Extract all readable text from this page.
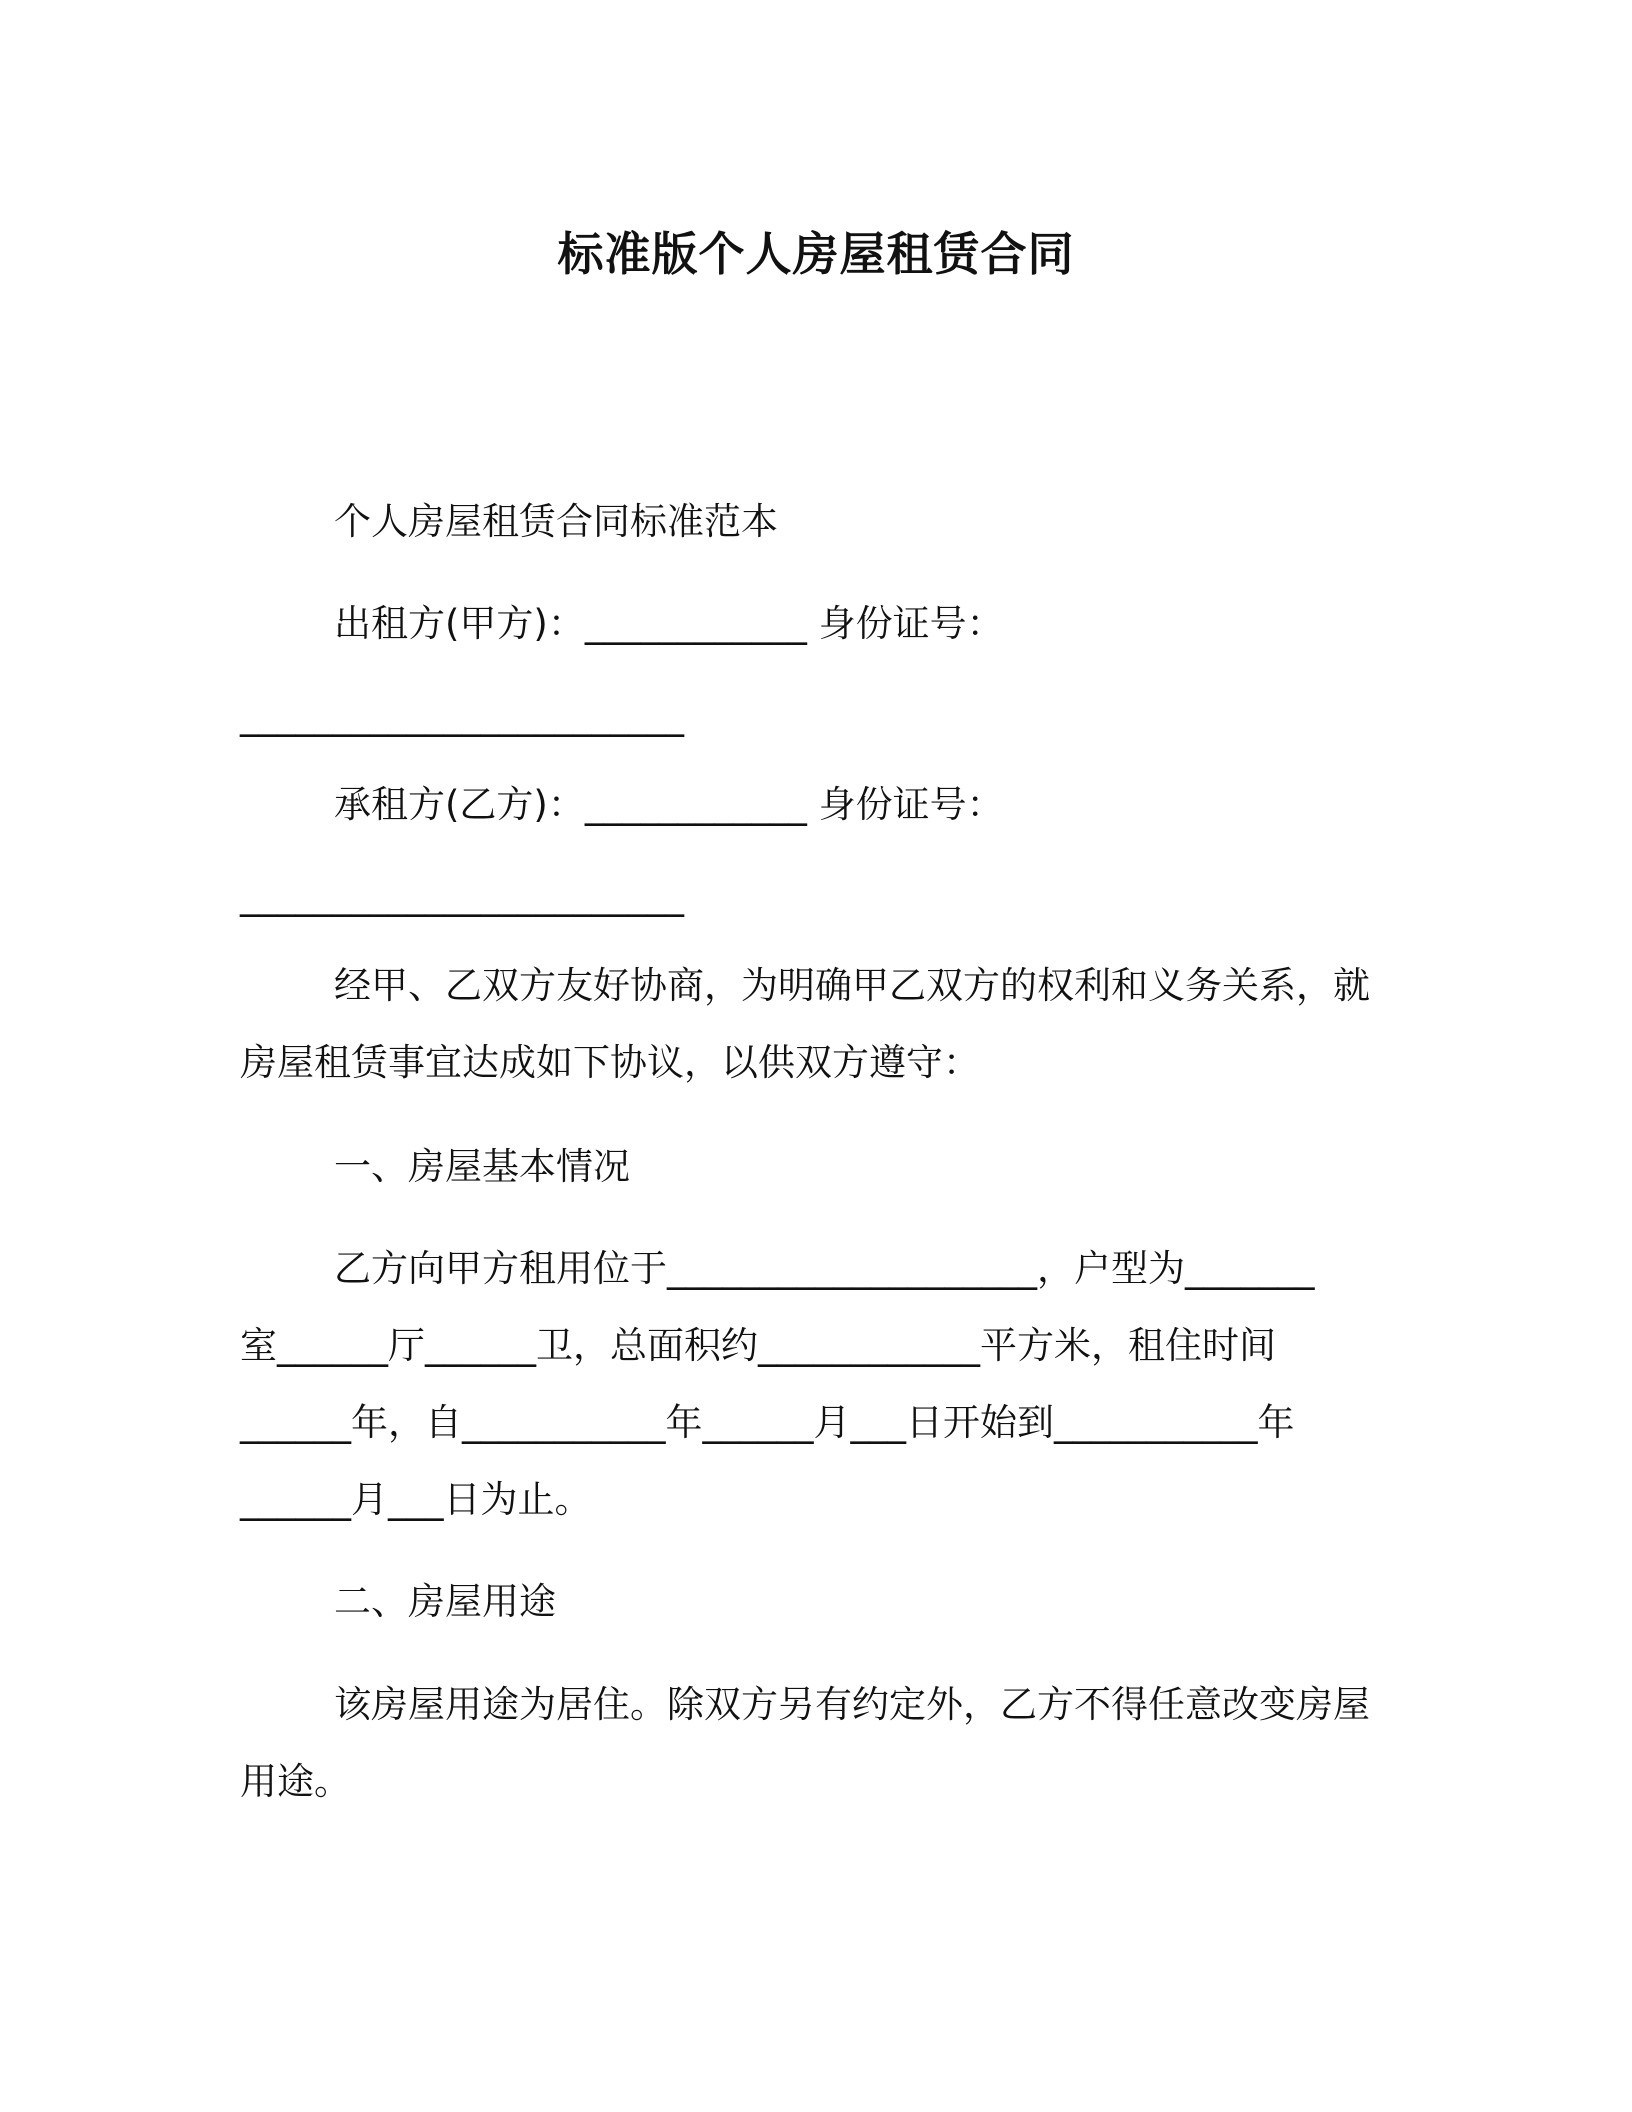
标准版个人房屋租赁合同
个人房屋租赁合同标准范本
出租方(甲方)：____________ 身份证号：
________________________
承租方(乙方)：____________ 身份证号：
________________________
经甲、乙双方友好协商，为明确甲乙双方的权利和义务关系，就
房屋租赁事宜达成如下协议，以供双方遵守：
一、房屋基本情况
乙方向甲方租用位于____________________，户型为_______
室______厅______卫，总面积约____________平方米，租住时间
______年，自___________年______月___日开始到___________年
______月___日为止。
二、房屋用途
该房屋用途为居住。除双方另有约定外，乙方不得任意改变房屋
用途。
